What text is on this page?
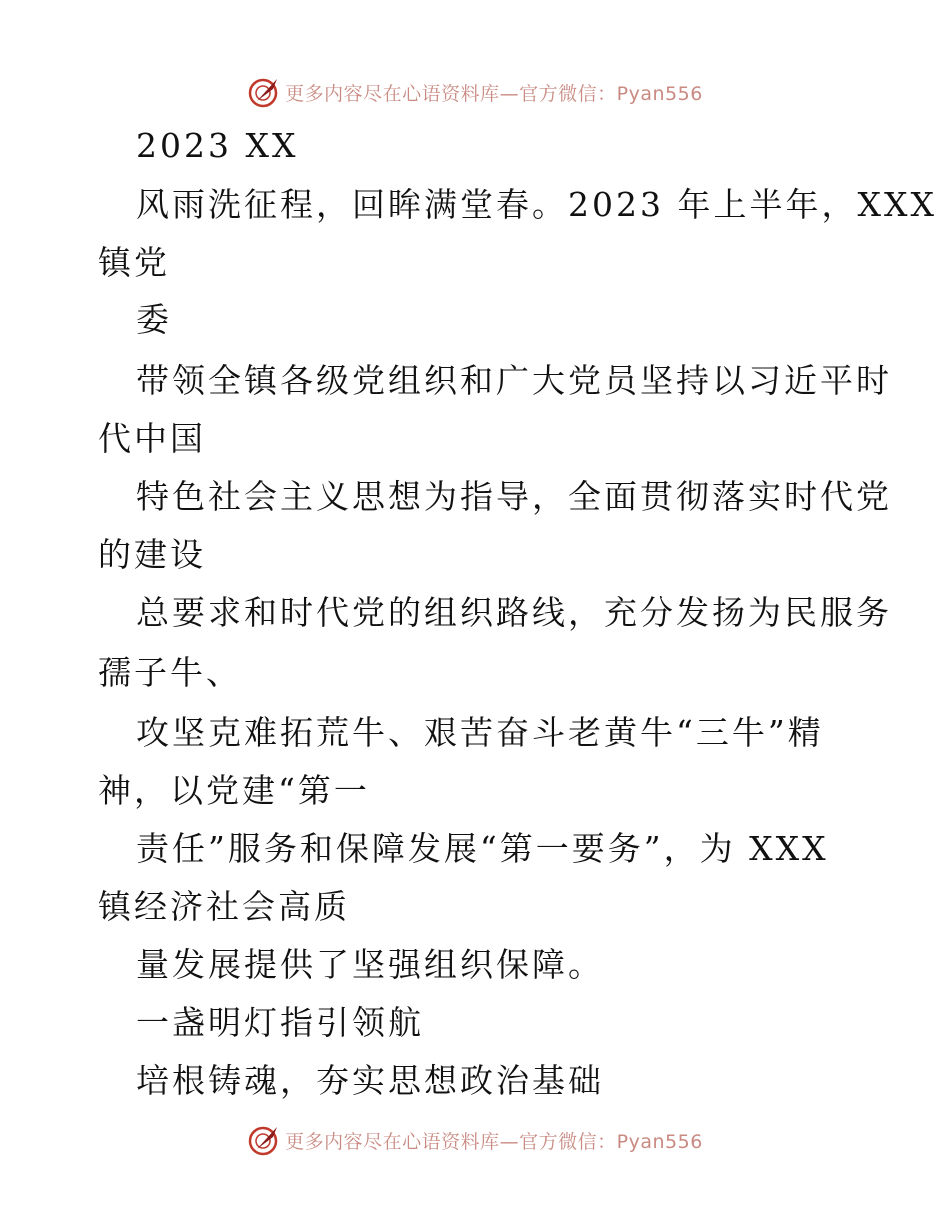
更多内容尽在心语资料库—官方微信：Pyan556
2023 XX
风雨洗征程，回眸满堂春。2023 年上半年，XXX
镇党
委
带领全镇各级党组织和广大党员坚持以习近平时
代中国
特色社会主义思想为指导，全面贯彻落实时代党
的建设
总要求和时代党的组织路线，充分发扬为民服务
孺子牛、
攻坚克难拓荒牛、艰苦奋斗老黄牛“三牛”精
神，以党建“第一
责任”服务和保障发展“第一要务”，为 XXX
镇经济社会高质
量发展提供了坚强组织保障。
一盏明灯指引领航
培根铸魂，夯实思想政治基础
更多内容尽在心语资料库—官方微信：Pyan556
